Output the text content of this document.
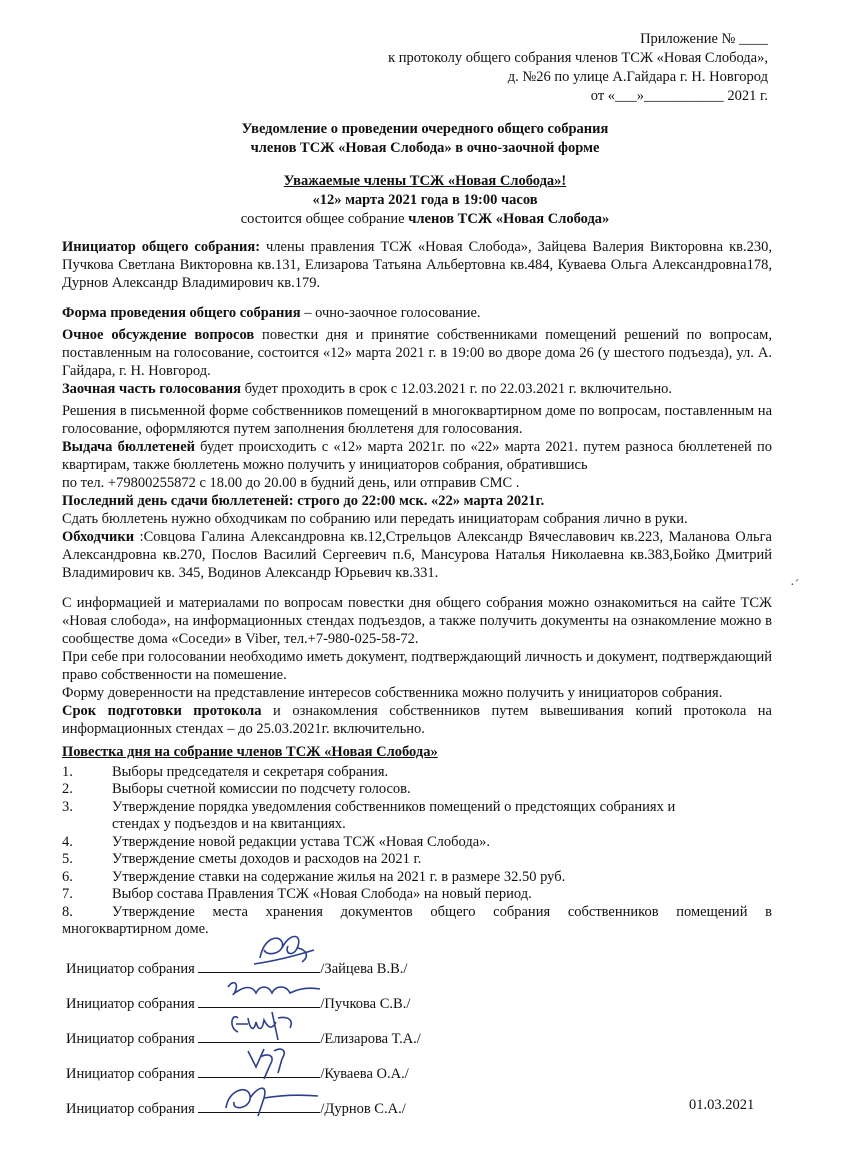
Приложение № ____
к протоколу общего собрания членов ТСЖ «Новая Слобода»,
д. №26 по улице А.Гайдара г. Н. Новгород
от «___»___________ 2021 г.
Уведомление о проведении очередного общего собрания
членов ТСЖ «Новая Слобода» в очно-заочной форме
Уважаемые члены ТСЖ «Новая Слобода»!
«12» марта 2021 года в 19:00 часов
состоится общее собрание членов ТСЖ «Новая Слобода»

Инициатор общего собрания: члены правления ТСЖ «Новая Слобода», Зайцева Валерия Викторовна кв.230, Пучкова Светлана Викторовна кв.131, Елизарова Татьяна Альбертовна кв.484, Куваева Ольга Александровна178, Дурнов Александр Владимирович кв.179.

Форма проведения общего собрания – очно-заочное голосование.

Очное обсуждение вопросов повестки дня и принятие собственниками помещений решений по вопросам, поставленным на голосование, состоится «12» марта 2021 г. в 19:00 во дворе дома 26 (у шестого подъезда), ул. А. Гайдара, г. Н. Новгород.

Заочная часть голосования будет проходить в срок с 12.03.2021 г. по 22.03.2021 г. включительно.

Решения в письменной форме собственников помещений в многоквартирном доме по вопросам, поставленным на голосование, оформляются путем заполнения бюллетеня для голосования.

Выдача бюллетеней будет происходить с «12» марта 2021г. по «22» марта 2021. путем разноса бюллетеней по квартирам, также бюллетень можно получить у инициаторов собрания, обратившись

по тел. +79800255872 с 18.00 до 20.00 в будний день, или отправив СМС .

Последний день сдачи бюллетеней: строго до 22:00 мск. «22» марта 2021г.

Сдать бюллетень нужно обходчикам по собранию или передать инициаторам собрания лично в руки.

Обходчики :Совцова Галина Александровна кв.12,Стрельцов Александр Вячеславович кв.223, Маланова Ольга Александровна кв.270, Послов Василий Сергеевич п.6, Мансурова Наталья Николаевна кв.383,Бойко Дмитрий Владимирович кв. 345, Водинов Александр Юрьевич кв.331.

С информацией и материалами по вопросам повестки дня общего собрания можно ознакомиться на сайте ТСЖ «Новая слобода», на информационных стендах подъездов, а также получить документы на ознакомление можно в сообществе дома «Соседи» в Viber, тел.+7-980-025-58-72.

При себе при голосовании необходимо иметь документ, подтверждающий личность и документ, подтверждающий право собственности на помешение.

Форму доверенности на представление интересов собственника можно получить у инициаторов собрания.

Срок подготовки протокола и ознакомления собственников путем вывешивания копий протокола на информационных стендах – до 25.03.2021г. включительно.

Повестка дня на собрание членов ТСЖ «Новая Слобода»
1.	Выборы председателя и секретаря собрания.
2.	Выборы счетной комиссии по подсчету голосов.
3.	Утверждение порядка уведомления собственников помещений о предстоящих собраниях и стендах у подъездов и на квитанциях.
4.	Утверждение новой редакции устава ТСЖ «Новая Слобода».
5.	Утверждение сметы доходов и расходов на 2021 г.
6.	Утверждение ставки на содержание жилья на 2021 г. в размере 32.50 руб.
7.	Выбор состава Правления ТСЖ «Новая Слобода» на новый период.

8.	Утверждение места хранения документов общего собрания собственников помещений в многоквартирном доме.

Инициатор собрания	/Зайцева В.В./
Инициатор собрания	/Пучкова С.В./
Инициатор собрания	/Елизарова Т.А./
Инициатор собрания	/Куваева О.А./
Инициатор собрания	/Дурнов С.А./	01.03.2021
·ˊ
